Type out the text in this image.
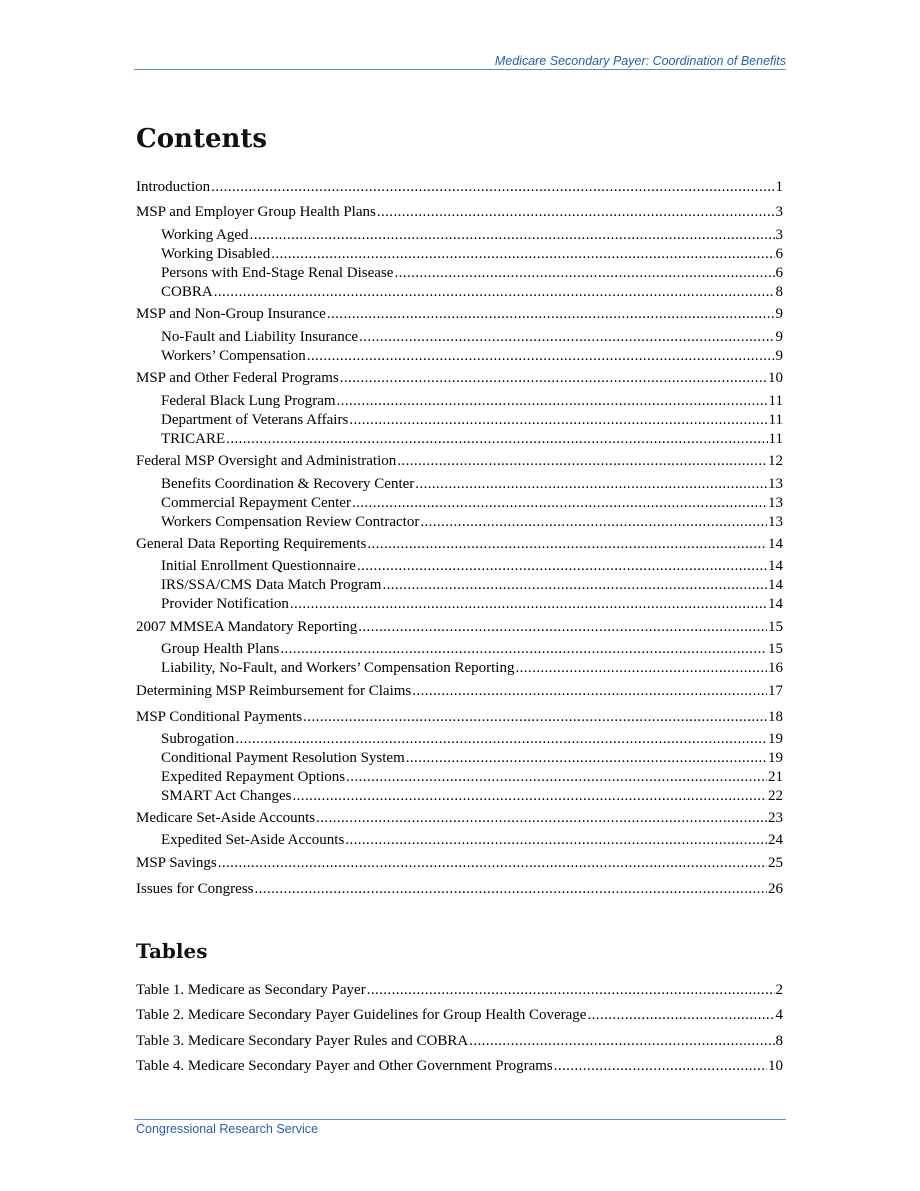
Medicare Secondary Payer: Coordination of Benefits
Contents
Introduction .....	1
MSP and Employer Group Health Plans .....	3
Working Aged .....	3
Working Disabled .....	6
Persons with End-Stage Renal Disease .....	6
COBRA .....	8
MSP and Non-Group Insurance .....	9
No-Fault and Liability Insurance .....	9
Workers’ Compensation .....	9
MSP and Other Federal Programs .....	10
Federal Black Lung Program .....	11
Department of Veterans Affairs .....	11
TRICARE .....	11
Federal MSP Oversight and Administration .....	12
Benefits Coordination & Recovery Center .....	13
Commercial Repayment Center .....	13
Workers Compensation Review Contractor .....	13
General Data Reporting Requirements .....	14
Initial Enrollment Questionnaire .....	14
IRS/SSA/CMS Data Match Program .....	14
Provider Notification .....	14
2007 MMSEA Mandatory Reporting .....	15
Group Health Plans .....	15
Liability, No-Fault, and Workers’ Compensation Reporting .....	16
Determining MSP Reimbursement for Claims .....	17
MSP Conditional Payments .....	18
Subrogation .....	19
Conditional Payment Resolution System .....	19
Expedited Repayment Options .....	21
SMART Act Changes .....	22
Medicare Set-Aside Accounts .....	23
Expedited Set-Aside Accounts .....	24
MSP Savings .....	25
Issues for Congress .....	26
Tables
Table 1. Medicare as Secondary Payer .....	2
Table 2. Medicare Secondary Payer Guidelines for Group Health Coverage .....	4
Table 3. Medicare Secondary Payer Rules and COBRA .....	8
Table 4. Medicare Secondary Payer and Other Government Programs .....	10
Congressional Research Service
